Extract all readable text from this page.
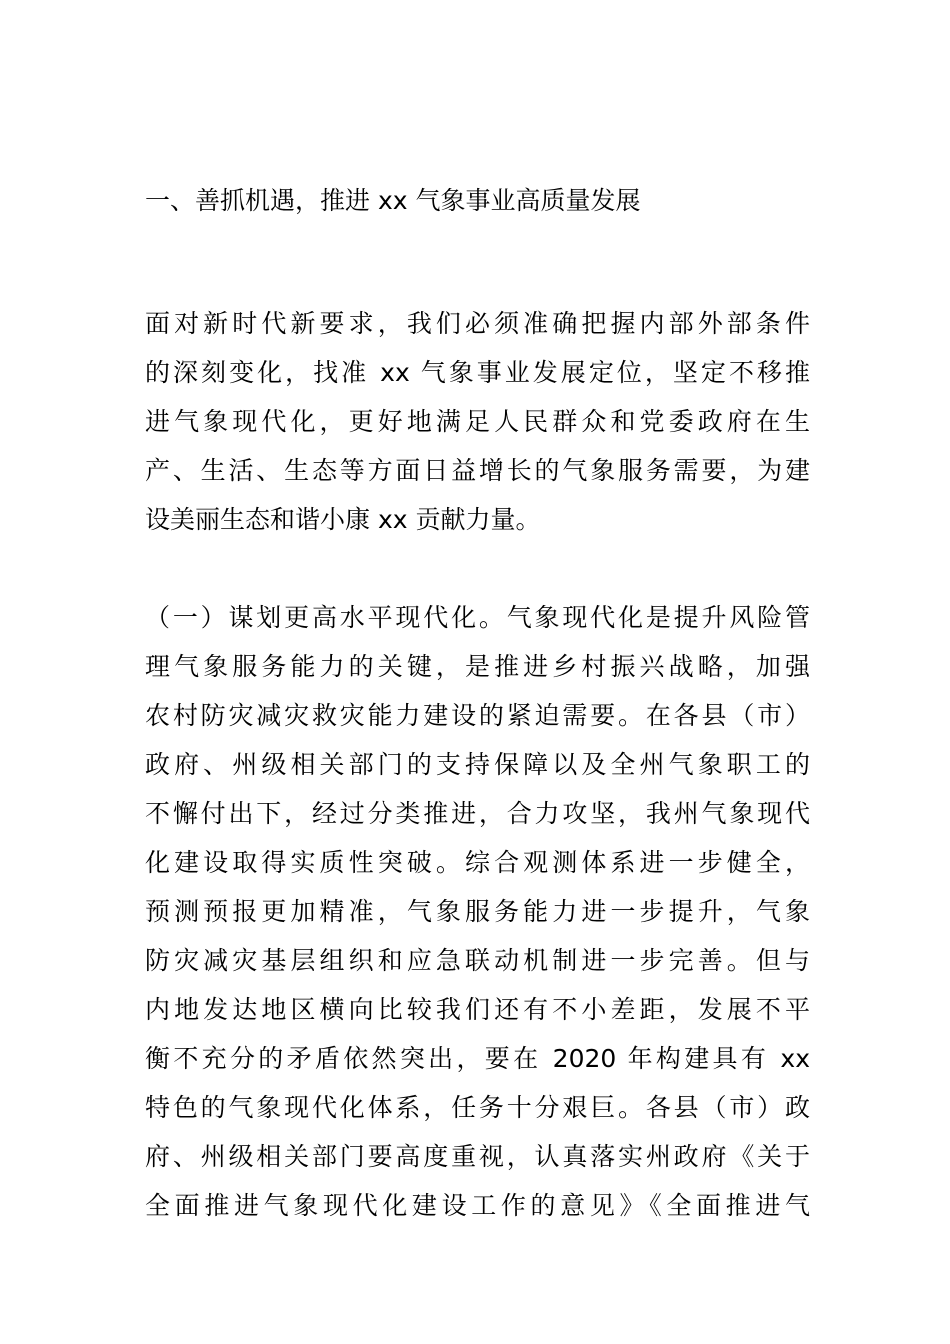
一、善抓机遇，推进 xx 气象事业高质量发展

面对新时代新要求，我们必须准确把握内部外部条件
的深刻变化，找准 xx 气象事业发展定位，坚定不移推
进气象现代化，更好地满足人民群众和党委政府在生
产、生活、生态等方面日益增长的气象服务需要，为建
设美丽生态和谐小康 xx 贡献力量。
（一）谋划更高水平现代化。气象现代化是提升风险管
理气象服务能力的关键，是推进乡村振兴战略，加强
农村防灾减灾救灾能力建设的紧迫需要。在各县（市）
政府、州级相关部门的支持保障以及全州气象职工的
不懈付出下，经过分类推进，合力攻坚，我州气象现代
化建设取得实质性突破。综合观测体系进一步健全，
预测预报更加精准，气象服务能力进一步提升，气象
防灾减灾基层组织和应急联动机制进一步完善。但与
内地发达地区横向比较我们还有不小差距，发展不平
衡不充分的矛盾依然突出，要在 2020 年构建具有 xx
特色的气象现代化体系，任务十分艰巨。各县（市）政
府、州级相关部门要高度重视，认真落实州政府《关于
全面推进气象现代化建设工作的意见》《全面推进气
